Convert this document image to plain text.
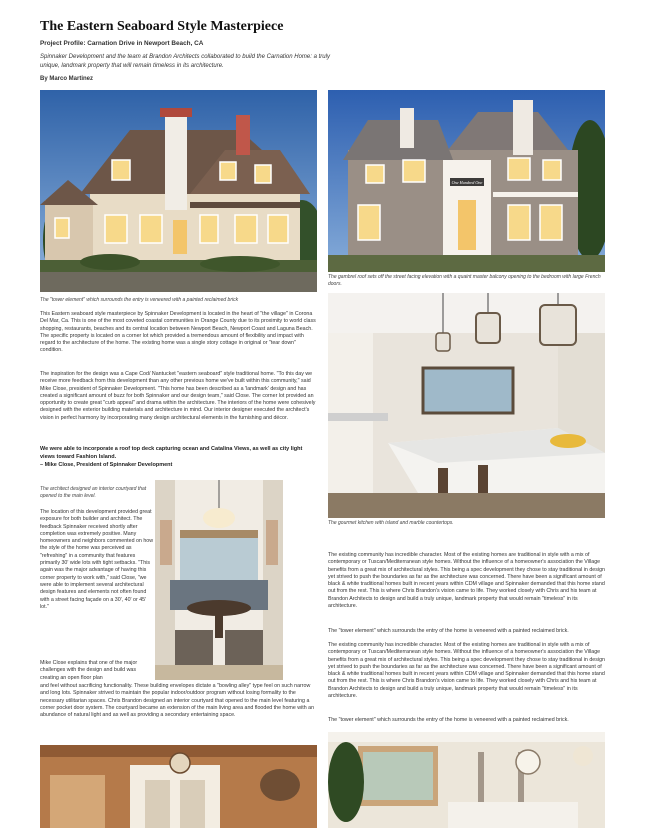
The Eastern Seaboard Style Masterpiece
Project Profile: Carnation Drive in Newport Beach, CA
Spinnaker Development and the team at Brandon Architects collaborated to build the Carnation Home: a truly unique, landmark property that will remain timeless in its architecture.
By Marco Martinez
The "tower element" which surrounds the entry is veneered with a painted reclaimed brick
One Hundred One
The gambrel roof sets off the street facing elevation with a quaint master balcony opening to the bedroom with large French doors.
This Eastern seaboard style masterpiece by Spinnaker Development is located in the heart of "the village" in Corona Del Mar, Ca. This is one of the most coveted coastal communities in Orange County due to its proximity to world class shopping, restaurants, beaches and its central location between Newport Beach, Newport Coast and Laguna Beach. The specific property is located on a corner lot which provided a tremendous amount of flexibility and impact with regard to the architecture of the home. The existing home was a single story cottage in original or "tear down" condition.
The inspiration for the design was a Cape Cod/ Nantucket "eastern seaboard" style traditional home. "To this day we receive more feedback from this development than any other previous home we've built within this community," said Mike Close, president of Spinnaker Development. "This home has been described as a 'landmark' design and has created a significant amount of buzz for both Spinnaker and our design team," said Close. The corner lot provided an opportunity to create great "curb appeal" and drama within the architecture. The interiors of the home were cohesively designed with the exterior building materials and architecture in mind. Our interior designer executed the architect's vision in perfect harmony by incorporating many design architectural elements in the furnishing and décor.
We were able to incorporate a roof top deck capturing ocean and Catalina Views, as well as city light views toward Fashion Island.
– Mike Close, President of Spinnaker Development
The gourmet kitchen with island and marble countertops.
The architect designed an interior courtyard that opened to the main level.
The location of this development provided great exposure for both builder and architect. The feedback Spinnaker received shortly after completion was extremely positive. Many homeowners and neighbors commented on how the style of the home was perceived as "refreshing" in a community that features primarily 30' wide lots with tight setbacks. "This again was the major advantage of having this corner property to work with," said Close, "we were able to implement several architectural design features and elements not often found with a street facing façade on a 30', 40' or 45' lot."
Mike Close explains that one of the major challenges with the design and build was creating an open floor plan
and feel without sacrificing functionality. These building envelopes dictate a "bowling alley" type feel on such narrow and long lots. Spinnaker strived to maintain the popular indoor/outdoor program without losing formality to the necessary utilitarian spaces. Chris Brandon designed an interior courtyard that opened to the main level featuring a corner pocket door system. The courtyard became an extension of the main living area and flooded the home with an abundance of natural light and as well as providing a secondary entertaining space.
The existing community has incredible character. Most of the existing homes are traditional in style with a mix of contemporary or Tuscan/Mediterranean style homes. Without the influence of a homeowner's association the Village benefits from a great mix of architectural styles. This being a spec development they chose to stay traditional in design yet strived to push the boundaries as far as the architecture was concerned. There have been a significant amount of black & white traditional homes built in recent years within CDM village and Spinnaker demanded that this home stand out from the rest. This is where Chris Brandon's vision came to life. They worked closely with Chris and his team at Brandon Architects to design and build a truly unique, landmark property that would remain "timeless" in its architecture.
The "tower element" which surrounds the entry of the home is veneered with a painted reclaimed brick.
The existing community has incredible character. Most of the existing homes are traditional in style with a mix of contemporary or Tuscan/Mediterranean style homes. Without the influence of a homeowner's association the Village benefits from a great mix of architectural styles. This being a spec development they chose to stay traditional in design yet strived to push the boundaries as far as the architecture was concerned. There have been a significant amount of black & white traditional homes built in recent years within CDM village and Spinnaker demanded that this home stand out from the rest. This is where Chris Brandon's vision came to life. They worked closely with Chris and his team at Brandon Architects to design and build a truly unique, landmark property that would remain "timeless" in its architecture.
The "tower element" which surrounds the entry of the home is veneered with a painted reclaimed brick.
